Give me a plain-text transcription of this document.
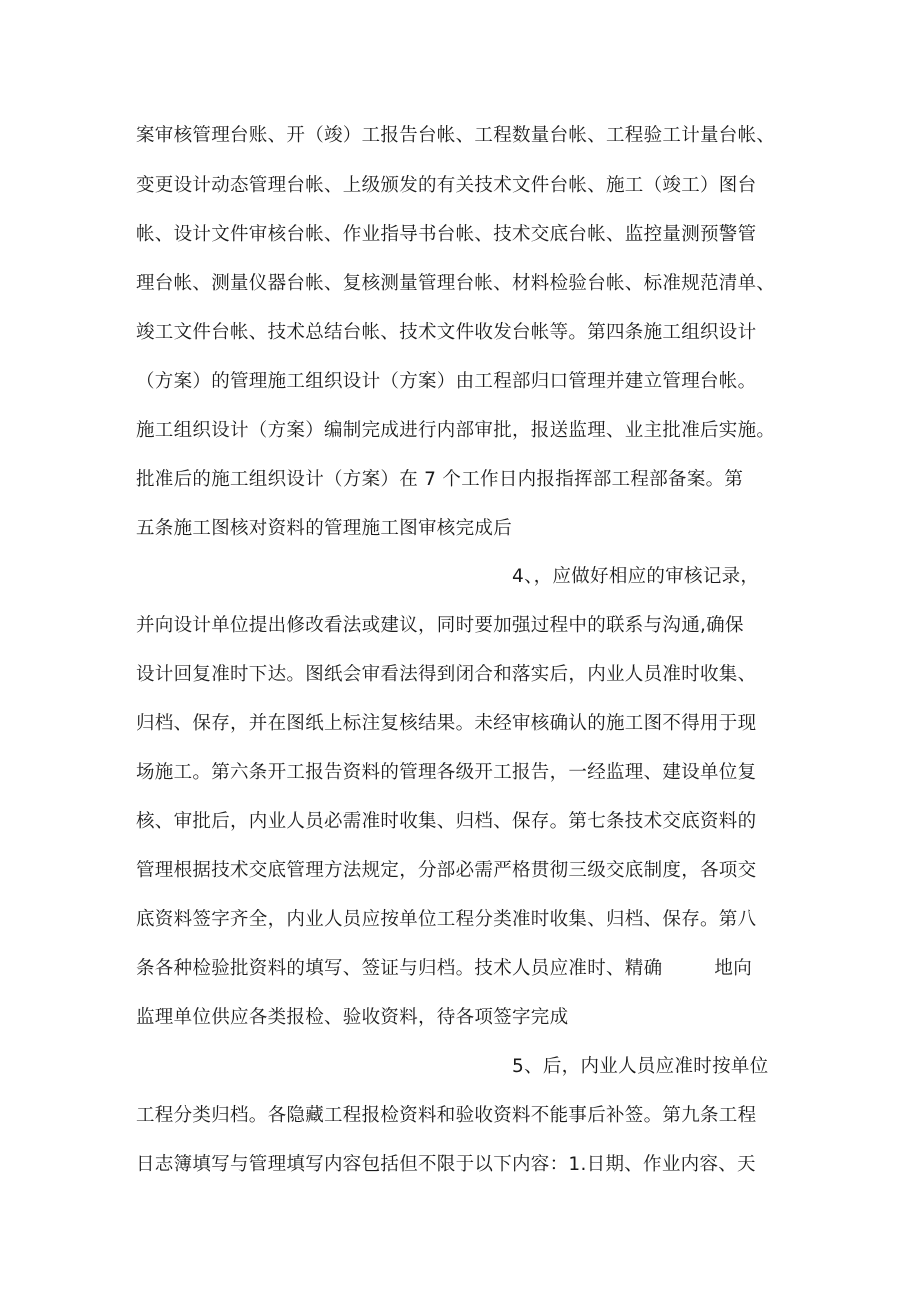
案审核管理台账、开（竣）工报告台帐、工程数量台帐、工程验工计量台帐、
变更设计动态管理台帐、上级颁发的有关技术文件台帐、施工（竣工）图台
帐、设计文件审核台帐、作业指导书台帐、技术交底台帐、监控量测预警管
理台帐、测量仪器台帐、复核测量管理台帐、材料检验台帐、标准规范清单、
竣工文件台帐、技术总结台帐、技术文件收发台帐等。第四条施工组织设计
（方案）的管理施工组织设计（方案）由工程部归口管理并建立管理台帐。
施工组织设计（方案）编制完成进行内部审批，报送监理、业主批准后实施。
批准后的施工组织设计（方案）在 7 个工作日内报指挥部工程部备案。第
五条施工图核对资料的管理施工图审核完成后
4、，应做好相应的审核记录，
并向设计单位提出修改看法或建议，同时要加强过程中的联系与沟通,确保
设计回复准时下达。图纸会审看法得到闭合和落实后，内业人员准时收集、
归档、保存，并在图纸上标注复核结果。未经审核确认的施工图不得用于现
场施工。第六条开工报告资料的管理各级开工报告，一经监理、建设单位复
核、审批后，内业人员必需准时收集、归档、保存。第七条技术交底资料的
管理根据技术交底管理方法规定，分部必需严格贯彻三级交底制度，各项交
底资料签字齐全，内业人员应按单位工程分类准时收集、归档、保存。第八
条各种检验批资料的填写、签证与归档。技术人员应准时、精确	地向
监理单位供应各类报检、验收资料，待各项签字完成
5、后，内业人员应准时按单位
工程分类归档。各隐藏工程报检资料和验收资料不能事后补签。第九条工程
日志簿填写与管理填写内容包括但不限于以下内容：1.日期、作业内容、天
